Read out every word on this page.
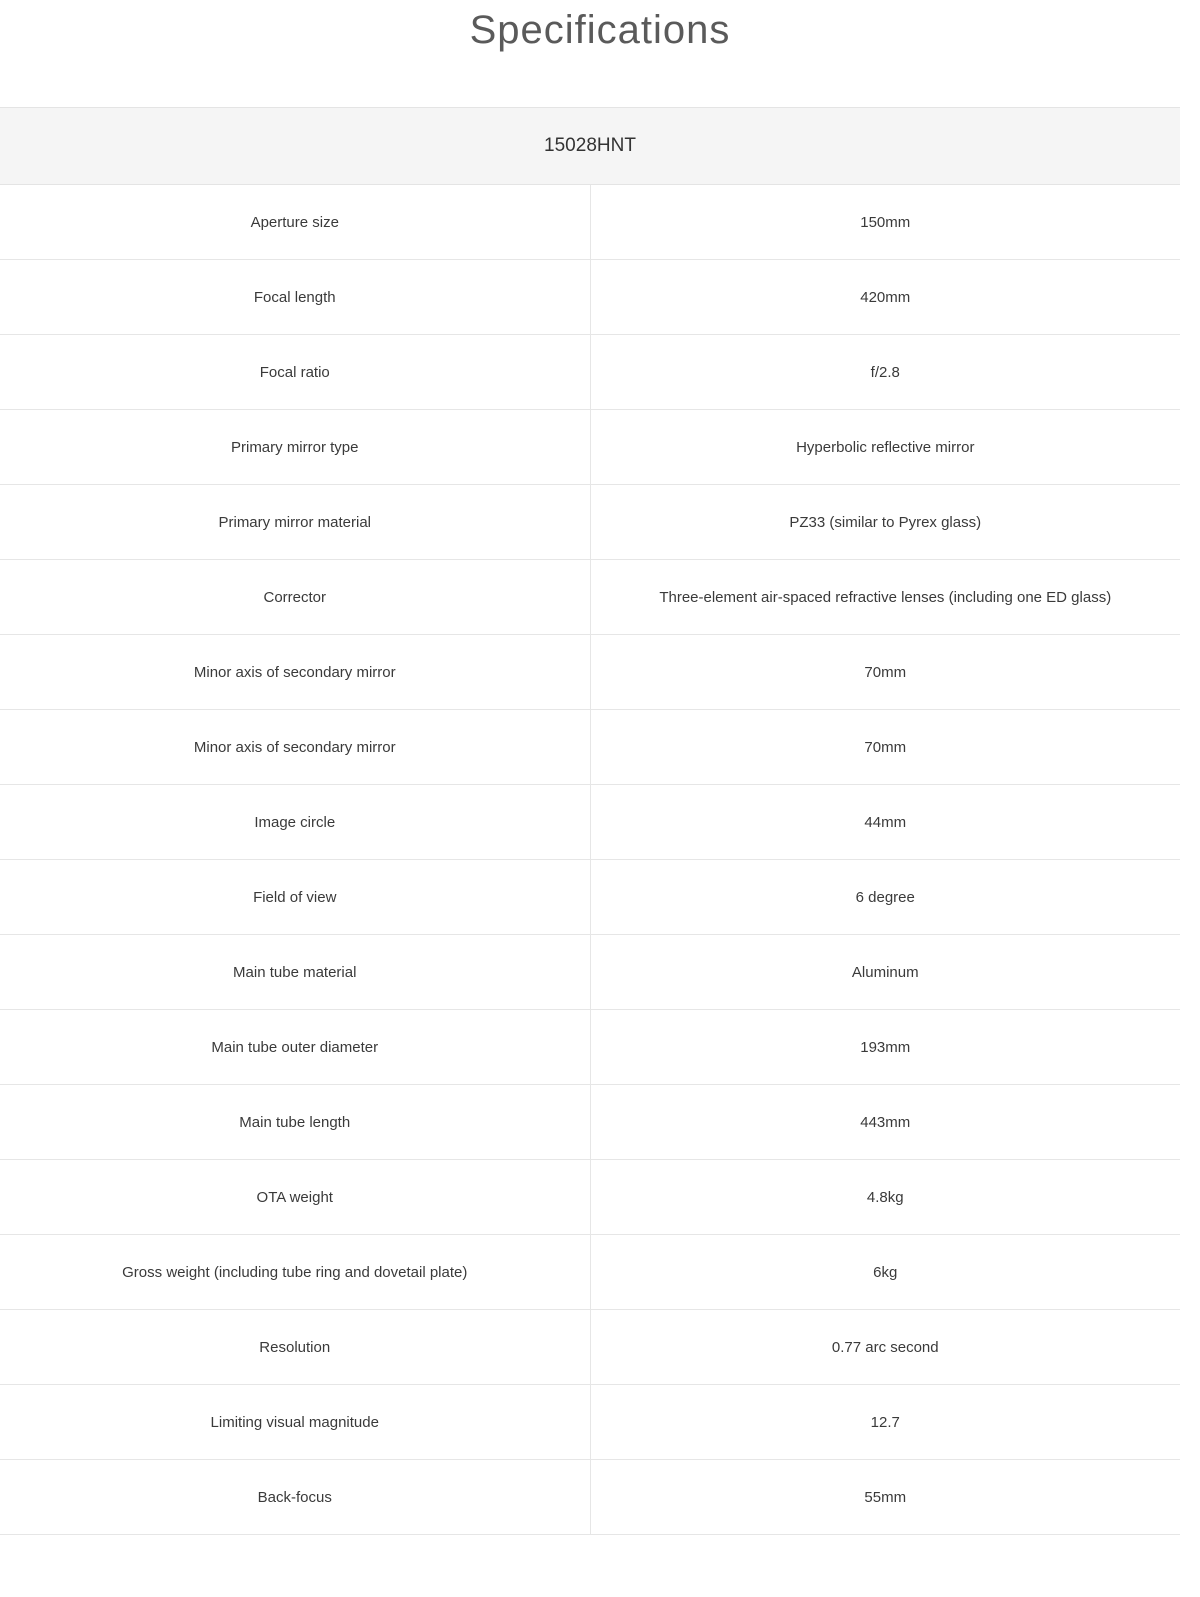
Specifications
15028HNT	
Aperture size	150mm
Focal length	420mm
Focal ratio	f/2.8
Primary mirror type	Hyperbolic reflective mirror
Primary mirror material	PZ33 (similar to Pyrex glass)
Corrector	Three-element air-spaced refractive lenses (including one ED glass)
Minor axis of secondary mirror	70mm
Minor axis of secondary mirror	70mm
Image circle	44mm
Field of view	6 degree
Main tube material	Aluminum
Main tube outer diameter	193mm
Main tube length	443mm
OTA weight	4.8kg
Gross weight (including tube ring and dovetail plate)	6kg
Resolution	0.77 arc second
Limiting visual magnitude	12.7
Back-focus	55mm
